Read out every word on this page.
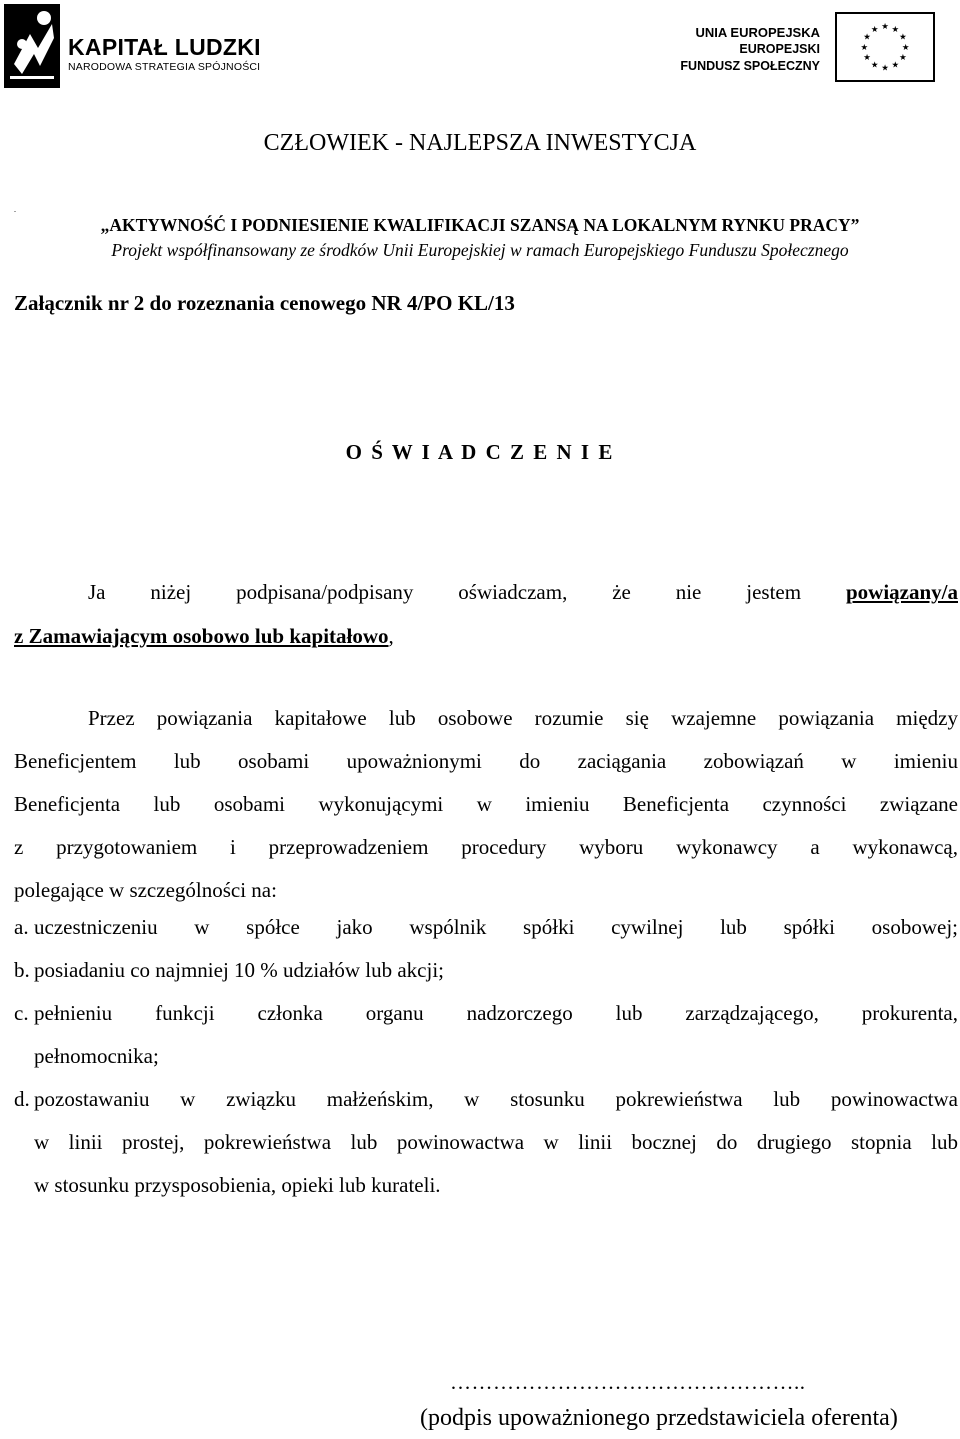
KAPITAŁ LUDZKI
NARODOWA STRATEGIA SPÓJNOŚCI
UNIA EUROPEJSKA
EUROPEJSKI
FUNDUSZ SPOŁECZNY
★ ★
★
★
★
★
★
★
★
★
★
★
CZŁOWIEK - NAJLEPSZA INWESTYCJA
.
„AKTYWNOŚĆ I PODNIESIENIE KWALIFIKACJI SZANSĄ NA LOKALNYM RYNKU PRACY”
Projekt współfinansowany ze środków Unii Europejskiej w ramach Europejskiego Funduszu Społecznego
Załącznik nr 2 do rozeznania cenowego NR 4/PO KL/13
O Ś W I A D C Z E N I E
Ja niżej podpisana/podpisany oświadczam, że nie jestem powiązany/a
z Zamawiającym osobowo lub kapitałowo,
Przez powiązania kapitałowe lub osobowe rozumie się wzajemne powiązania między
Beneficjentem lub osobami upoważnionymi do zaciągania zobowiązań w imieniu
Beneficjenta lub osobami wykonującymi w imieniu Beneficjenta czynności związane
z przygotowaniem i przeprowadzeniem procedury wyboru wykonawcy a wykonawcą,
polegające w szczególności na:
a. uczestniczeniu w spółce jako wspólnik spółki cywilnej lub spółki osobowej;
b. posiadaniu co najmniej 10 % udziałów lub akcji;
c. pełnieniu funkcji członka organu nadzorczego lub zarządzającego, prokurenta,
pełnomocnika;
d. pozostawaniu w związku małżeńskim, w stosunku pokrewieństwa lub powinowactwa
w linii prostej, pokrewieństwa lub powinowactwa w linii bocznej do drugiego stopnia lub
w stosunku przysposobienia, opieki lub kurateli.
…………………………………………..
(podpis upoważnionego przedstawiciela oferenta)
